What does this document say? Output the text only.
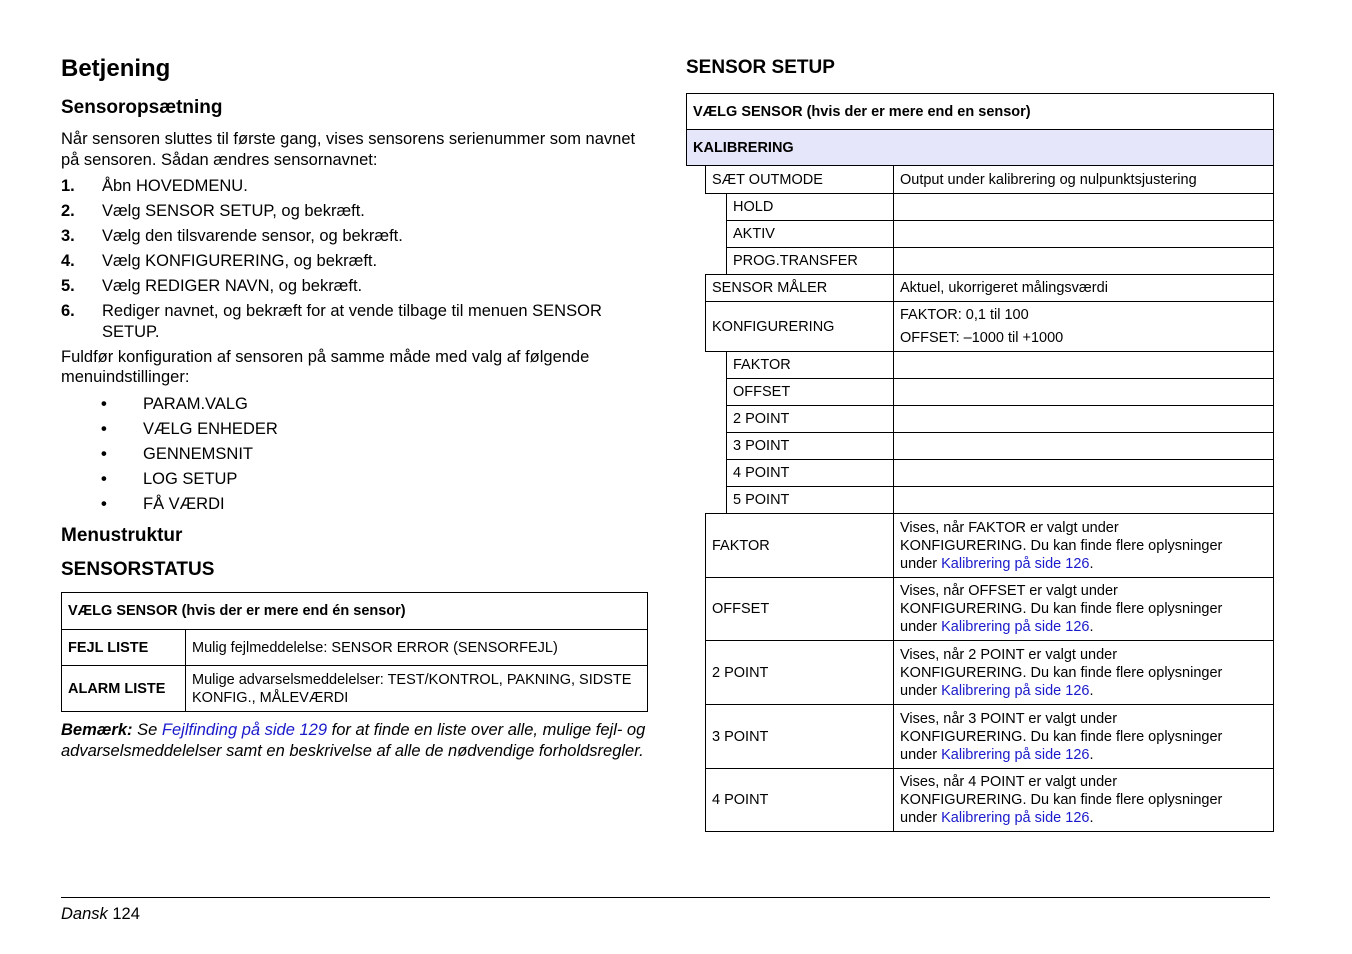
Betjening
Sensoropsætning

Når sensoren sluttes til første gang, vises sensorens serienummer som navnet på sensoren. Sådan ændres sensornavnet:

1. Åbn HOVEDMENU.
2. Vælg SENSOR SETUP, og bekræft.
3. Vælg den tilsvarende sensor, og bekræft.
4. Vælg KONFIGURERING, og bekræft.
5. Vælg REDIGER NAVN, og bekræft.
6. Rediger navnet, og bekræft for at vende tilbage til menuen SENSOR SETUP.

Fuldfør konfiguration af sensoren på samme måde med valg af følgende menuindstillinger:

• PARAM.VALG
• VÆLG ENHEDER
• GENNEMSNIT
• LOG SETUP
• FÅ VÆRDI
Menustruktur
SENSORSTATUS
VÆLG SENSOR (hvis der er mere end én sensor)	
FEJL LISTE	Mulig fejlmeddelelse: SENSOR ERROR (SENSORFEJL)
ALARM LISTE	Mulige advarselsmeddelelser: TEST/KONTROL, PAKNING, SIDSTE KONFIG., MÅLEVÆRDI

Bemærk: Se Fejlfinding på side 129 for at finde en liste over alle, mulige fejl- og advarselsmeddelelser samt en beskrivelse af alle de nødvendige forholdsregler.

SENSOR SETUP
VÆLG SENSOR (hvis der er mere end en sensor)			
KALIBRERING			
	SÆT OUTMODE		Output under kalibrering og nulpunktsjustering
		HOLD	
		AKTIV	
		PROG.TRANSFER	
	SENSOR MÅLER		Aktuel, ukorrigeret målingsværdi
	KONFIGURERING		FAKTOR: 0,1 til 100
OFFSET: –1000 til +1000

		FAKTOR	
		OFFSET	
		2 POINT	
		3 POINT	
		4 POINT	
		5 POINT	
	FAKTOR		Vises, når FAKTOR er valgt under
KONFIGURERING. Du kan finde flere oplysninger
under Kalibrering på side 126.

	OFFSET		Vises, når OFFSET er valgt under
KONFIGURERING. Du kan finde flere oplysninger
under Kalibrering på side 126.

	2 POINT		Vises, når 2 POINT er valgt under
KONFIGURERING. Du kan finde flere oplysninger
under Kalibrering på side 126.

	3 POINT		Vises, når 3 POINT er valgt under
KONFIGURERING. Du kan finde flere oplysninger
under Kalibrering på side 126.

	4 POINT		Vises, når 4 POINT er valgt under
KONFIGURERING. Du kan finde flere oplysninger
under Kalibrering på side 126.
Dansk 124
